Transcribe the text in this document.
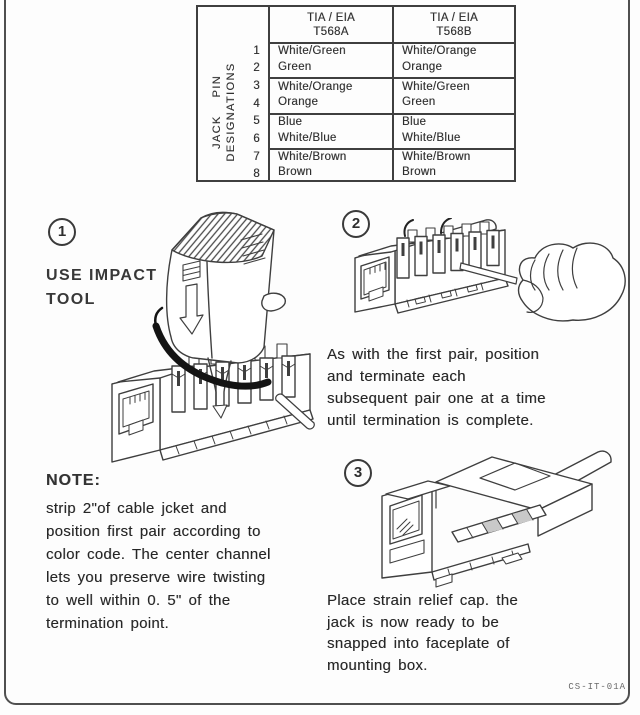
JACK    PIN DESIGNATIONS
TIA / EIA
T568A
TIA / EIA
T568B
1
2
3
4
5
6
7
8
White/Green
Green
White/Orange
Orange
Blue
White/Blue
White/Brown
Brown
White/Orange
Orange
White/Green
Green
Blue
White/Blue
White/Brown
Brown
1
USE IMPACT
TOOL
2
As with the first pair, position
and terminate each
subsequent pair one at a time
until termination is complete.
NOTE:
strip 2"of cable jcket and
position first pair according to
color code. The center channel
lets you preserve wire twisting
to well within 0. 5" of the
termination point.
3
Place strain relief cap. the
jack is now ready to be
snapped into faceplate of
mounting box.
CS-IT-01A
